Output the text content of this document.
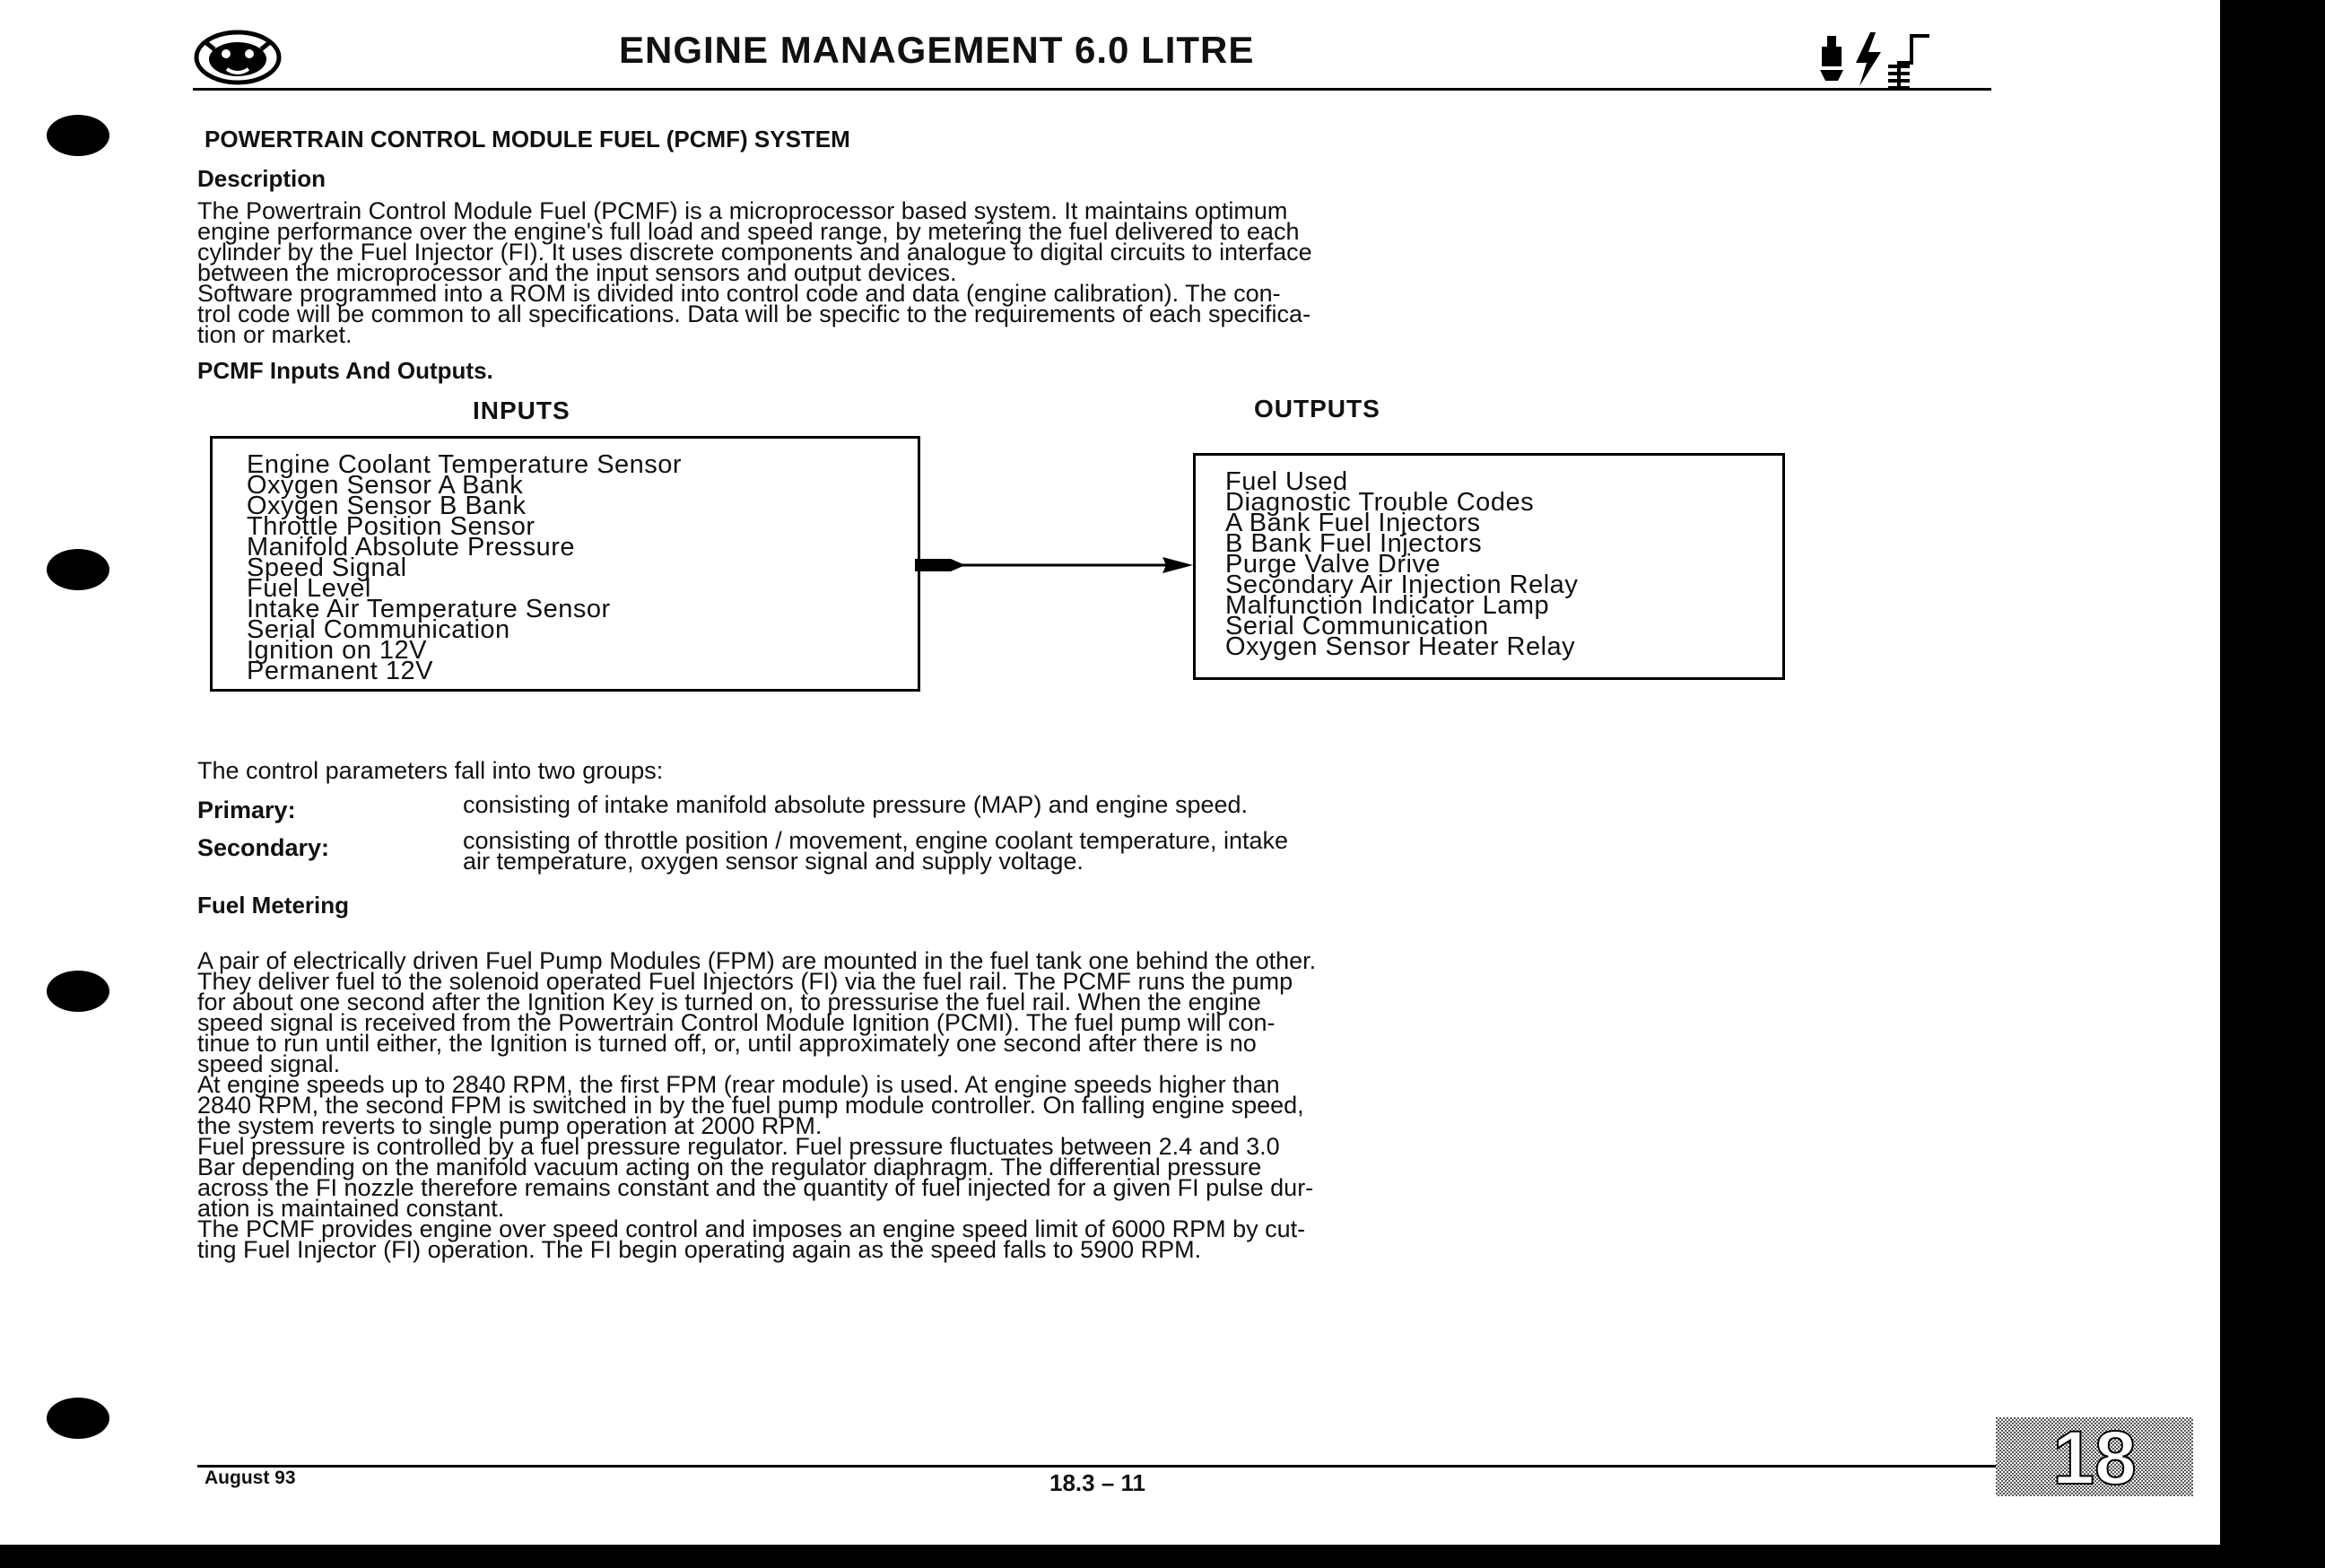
ENGINE MANAGEMENT 6.0 LITRE
POWERTRAIN CONTROL MODULE FUEL (PCMF) SYSTEM
Description

The Powertrain Control Module Fuel (PCMF) is a microprocessor based system. It maintains optimum

engine performance over the engine's full load and speed range, by metering the fuel delivered to each

cylinder by the Fuel Injector (FI). It uses discrete components and analogue to digital circuits to interface

between the microprocessor and the input sensors and output devices.

Software programmed into a ROM is divided into control code and data (engine calibration). The con-

trol code will be common to all specifications. Data will be specific to the requirements of each specifica-

tion or market.

PCMF Inputs And Outputs.
INPUTS	OUTPUTS
Engine Coolant Temperature Sensor
Oxygen Sensor A Bank
Oxygen Sensor B Bank
Throttle Position Sensor
Manifold Absolute Pressure
Speed Signal
Fuel Level
Intake Air Temperature Sensor
Serial Communication
Ignition on 12V
Permanent 12V
Fuel Used
Diagnostic Trouble Codes
A Bank Fuel Injectors
B Bank Fuel Injectors
Purge Valve Drive
Secondary Air Injection Relay
Malfunction Indicator Lamp
Serial Communication
Oxygen Sensor Heater Relay
The control parameters fall into two groups:
Primary:	consisting of intake manifold absolute pressure (MAP) and engine speed.
Secondary:	consisting of throttle position / movement, engine coolant temperature, intake
air temperature, oxygen sensor signal and supply voltage.
Fuel Metering

A pair of electrically driven Fuel Pump Modules (FPM) are mounted in the fuel tank one behind the other.

They deliver fuel to the solenoid operated Fuel Injectors (FI) via the fuel rail. The PCMF runs the pump

for about one second after the Ignition Key is turned on, to pressurise the fuel rail. When the engine

speed signal is received from the Powertrain Control Module Ignition (PCMI). The fuel pump will con-

tinue to run until either, the Ignition is turned off, or, until approximately one second after there is no

speed signal.

At engine speeds up to 2840 RPM, the first FPM (rear module) is used. At engine speeds higher than

2840 RPM, the second FPM is switched in by the fuel pump module controller. On falling engine speed,

the system reverts to single pump operation at 2000 RPM.

Fuel pressure is controlled by a fuel pressure regulator. Fuel pressure fluctuates between 2.4 and 3.0

Bar depending on the manifold vacuum acting on the regulator diaphragm. The differential pressure

across the FI nozzle therefore remains constant and the quantity of fuel injected for a given FI pulse dur-

ation is maintained constant.

The PCMF provides engine over speed control and imposes an engine speed limit of 6000 RPM by cut-

ting Fuel Injector (FI) operation. The FI begin operating again as the speed falls to 5900 RPM.

August 93	18.3 – 11	18
